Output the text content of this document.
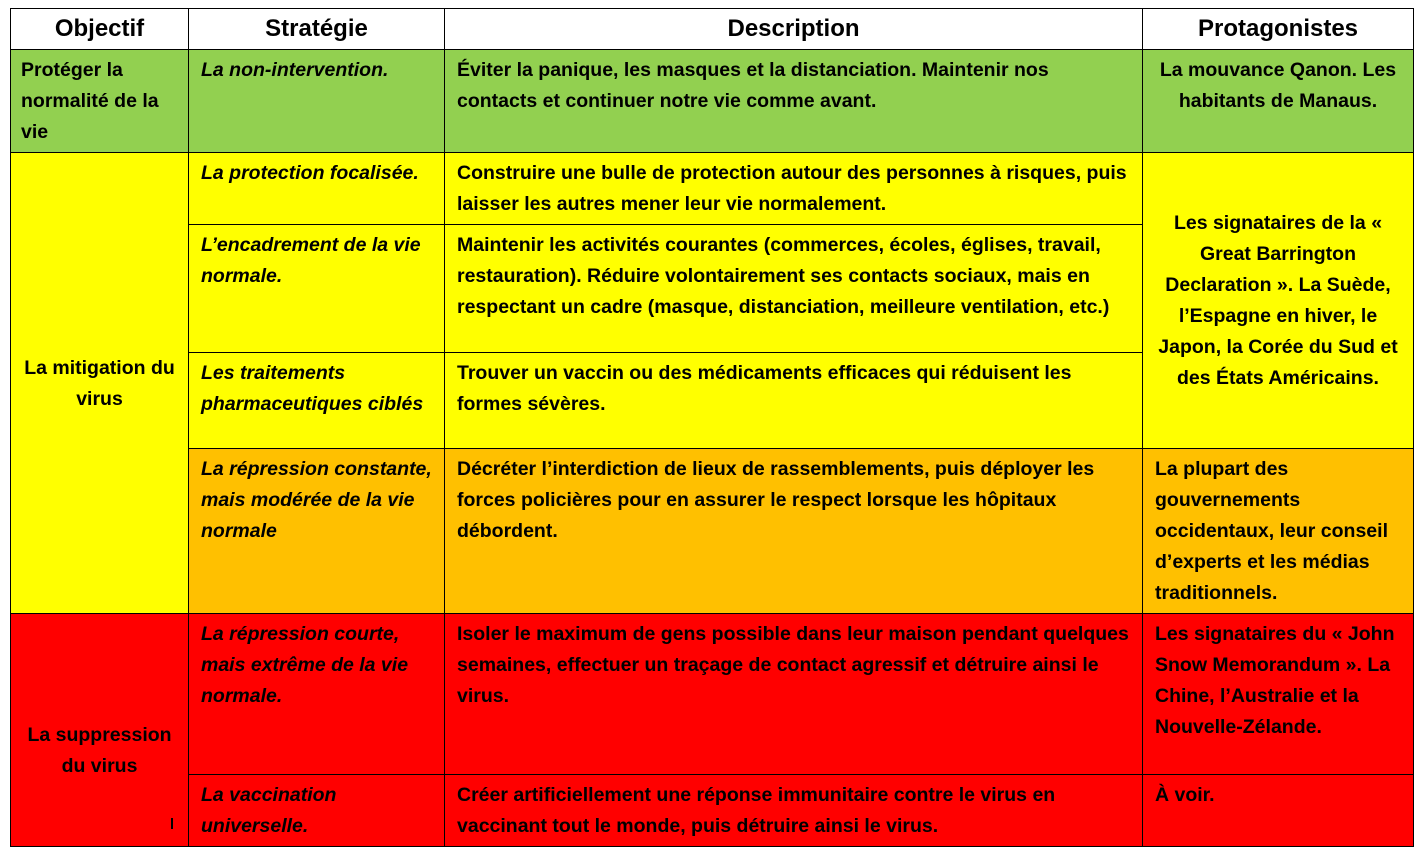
Objectif	Stratégie	Description	Protagonistes
Protéger la normalité de la vie	La non-intervention.	Éviter la panique, les masques et la distanciation. Maintenir nos contacts et continuer notre vie comme avant.	La mouvance Qanon. Les habitants de Manaus.
La mitigation du virus	La protection focalisée.	Construire une bulle de protection autour des personnes à risques, puis laisser les autres mener leur vie normalement.	Les signataires de la « Great Barrington Declaration ». La Suède, l’Espagne en hiver, le Japon, la Corée du Sud et des États Américains.
	L’encadrement de la vie normale.	Maintenir les activités courantes (commerces, écoles, églises, travail, restauration). Réduire volontairement ses contacts sociaux, mais en respectant un cadre (masque, distanciation, meilleure ventilation, etc.)	
	Les traitements pharmaceutiques ciblés	Trouver un vaccin ou des médicaments efficaces qui réduisent les formes sévères.	
	La répression constante, mais modérée de la vie normale	Décréter l’interdiction de lieux de rassemblements, puis déployer les forces policières pour en assurer le respect lorsque les hôpitaux débordent.	La plupart des gouvernements occidentaux, leur conseil d’experts et les médias traditionnels.
La suppression du virus	La répression courte, mais extrême de la vie normale.	Isoler le maximum de gens possible dans leur maison pendant quelques semaines, effectuer un traçage de contact agressif et détruire ainsi le virus.	Les signataires du « John Snow Memorandum ». La Chine, l’Australie et la Nouvelle-Zélande.
	La vaccination universelle.	Créer artificiellement une réponse immunitaire contre le virus en vaccinant tout le monde, puis détruire ainsi le virus.	À voir.
